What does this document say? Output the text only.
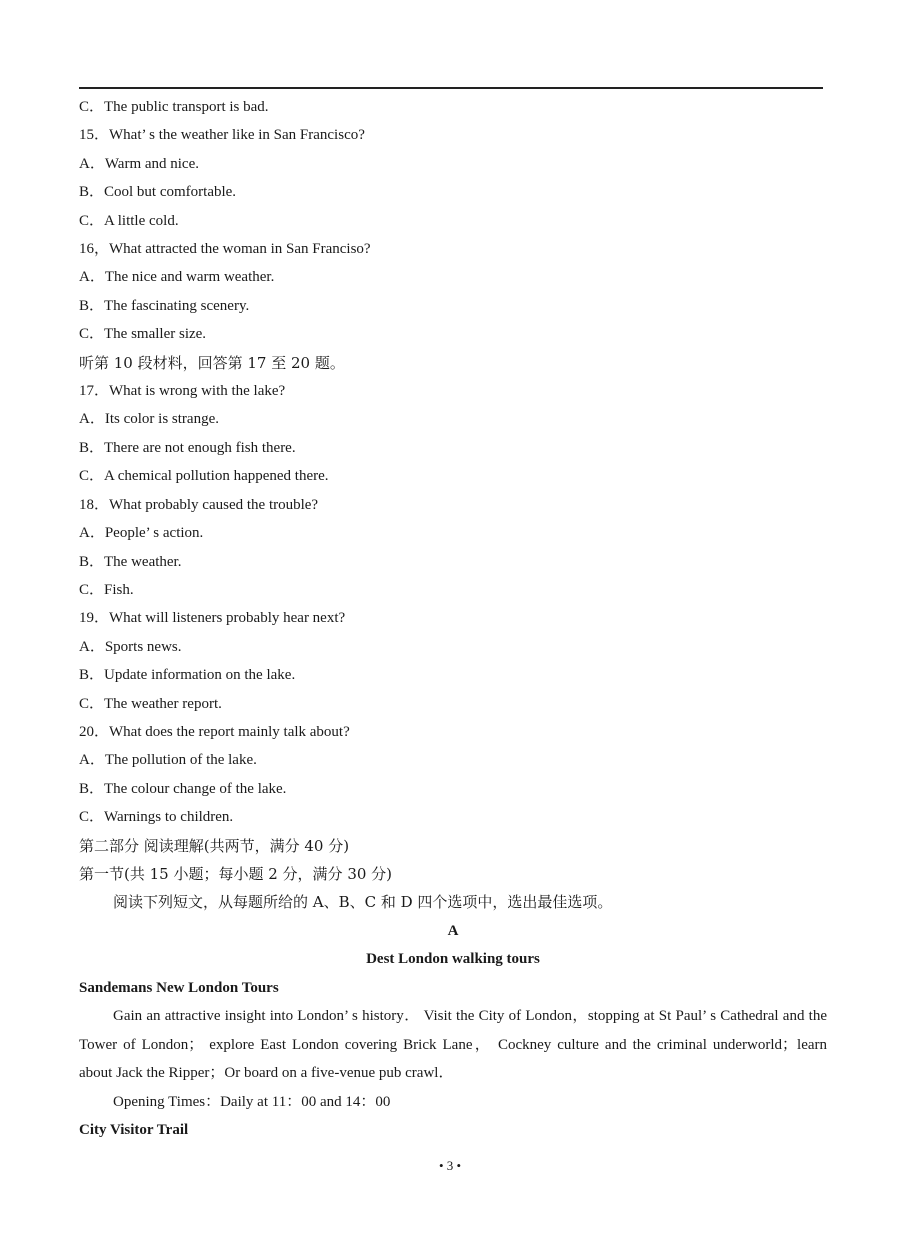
C．The public transport is bad.
15．What’ s the weather like in San Francisco?
A．Warm and nice.
B．Cool but comfortable.
C．A little cold.
16，What attracted the woman in San Franciso?
A．The nice and warm weather.
B．The fascinating scenery.
C．The smaller size.
听第 10 段材料，回答第 17 至 20 题。
17．What is wrong with the lake?
A．Its color is strange.
B．There are not enough fish there.
C．A chemical pollution happened there.
18．What probably caused the trouble?
A．People’ s action.
B．The weather.
C．Fish.
19．What will listeners probably hear next?
A．Sports news.
B．Update information on the lake.
C．The weather report.
20．What does the report mainly talk about?
A．The pollution of the lake.
B．The colour change of the lake.
C．Warnings to children.
第二部分 阅读理解(共两节，满分 40 分)
第一节(共 15 小题；每小题 2 分，满分 30 分)
阅读下列短文，从每题所给的 A、B、C 和 D 四个选项中，选出最佳选项。
A
Dest London walking tours
Sandemans New London Tours
Gain an attractive insight into London’ s history． Visit the City of London，stopping at St Paul’ s Cathedral and the Tower of London； explore East London covering Brick Lane， Cockney culture and the criminal underworld；learn about Jack the Ripper；Or board on a five-venue pub crawl．
Opening Times：Daily at 11：00 and 14：00
City Visitor Trail
• 3 •
